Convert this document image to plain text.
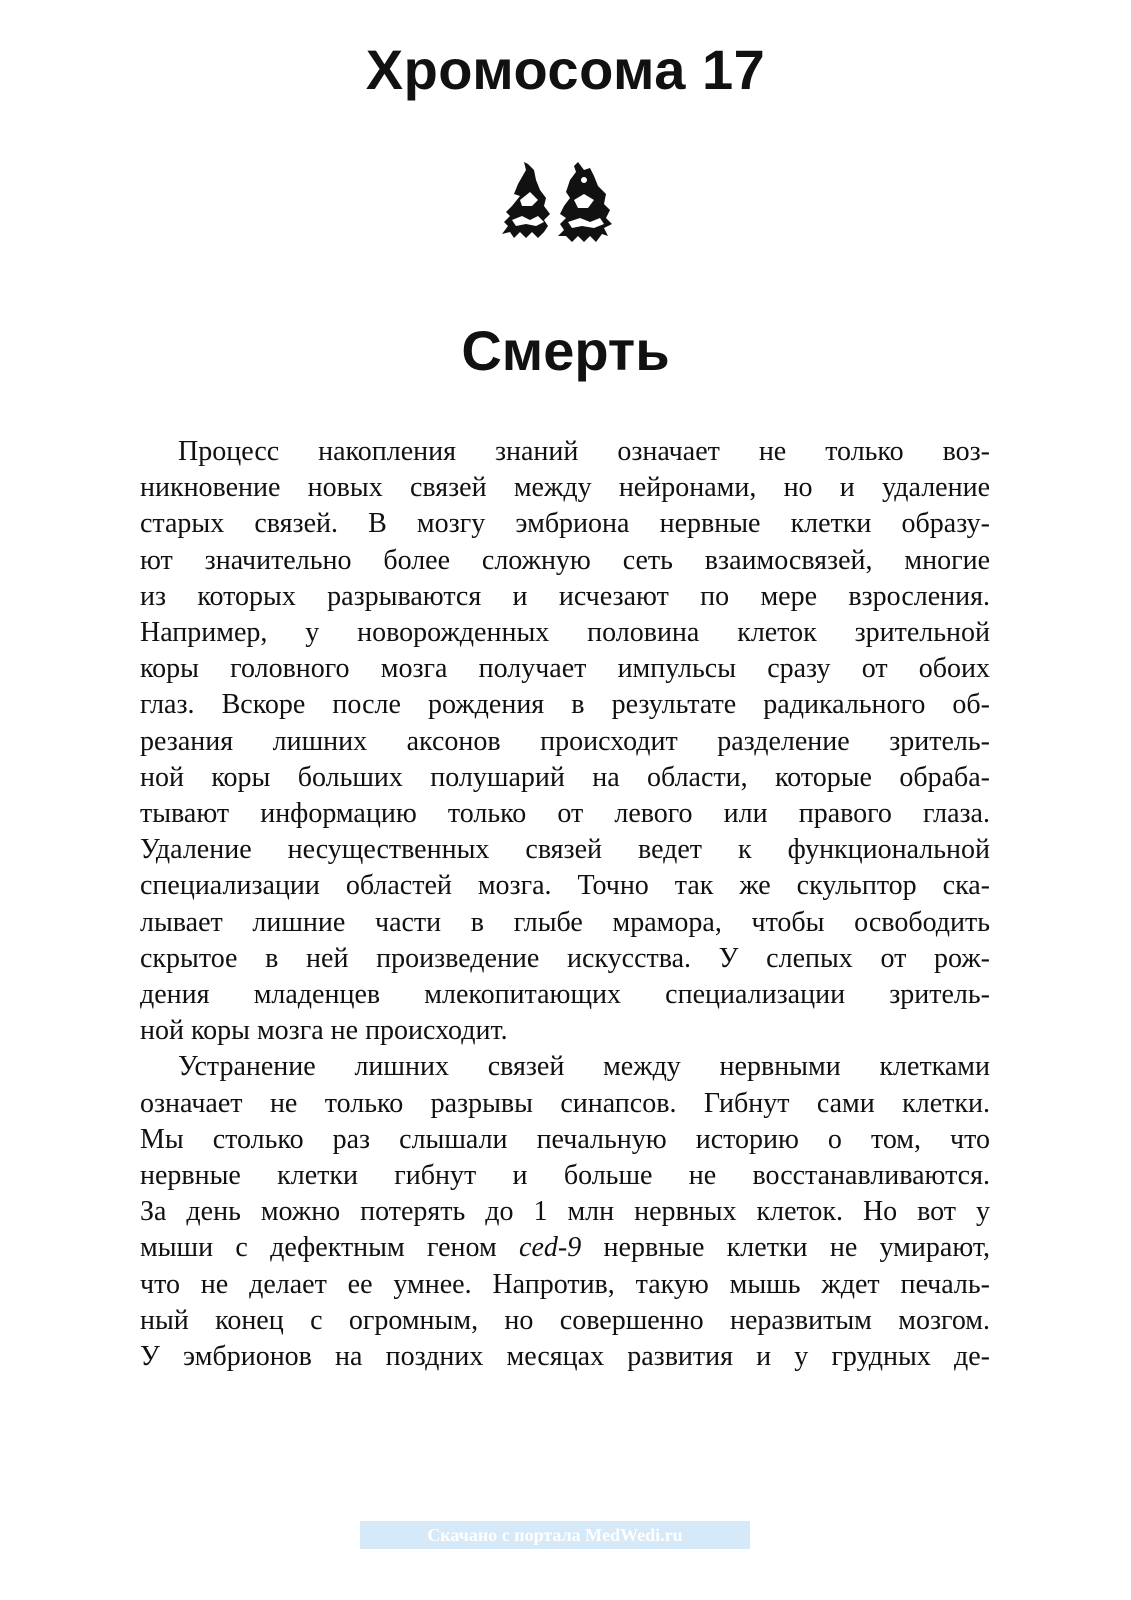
Хромосома 17
Смерть
Процесс накопления знаний означает не только воз-
никновение новых связей между нейронами, но и удаление
старых связей. В мозгу эмбриона нервные клетки образу-
ют значительно более сложную сеть взаимосвязей, многие
из которых разрываются и исчезают по мере взросления.
Например, у новорожденных половина клеток зрительной
коры головного мозга получает импульсы сразу от обоих
глаз. Вскоре после рождения в результате радикального об-
резания лишних аксонов происходит разделение зритель-
ной коры больших полушарий на области, которые обраба-
тывают информацию только от левого или правого глаза.
Удаление несущественных связей ведет к функциональной
специализации областей мозга. Точно так же скульптор ска-
лывает лишние части в глыбе мрамора, чтобы освободить
скрытое в ней произведение искусства. У слепых от рож-
дения младенцев млекопитающих специализации зритель-
ной коры мозга не происходит.
Устранение лишних связей между нервными клетками
означает не только разрывы синапсов. Гибнут сами клетки.
Мы столько раз слышали печальную историю о том, что
нервные клетки гибнут и больше не восстанавливаются.
За день можно потерять до 1 млн нервных клеток. Но вот у
мыши с дефектным геном ced-9 нервные клетки не умирают,
что не делает ее умнее. Напротив, такую мышь ждет печаль-
ный конец с огромным, но совершенно неразвитым мозгом.
У эмбрионов на поздних месяцах развития и у грудных де-
Скачано с портала MedWedi.ru
